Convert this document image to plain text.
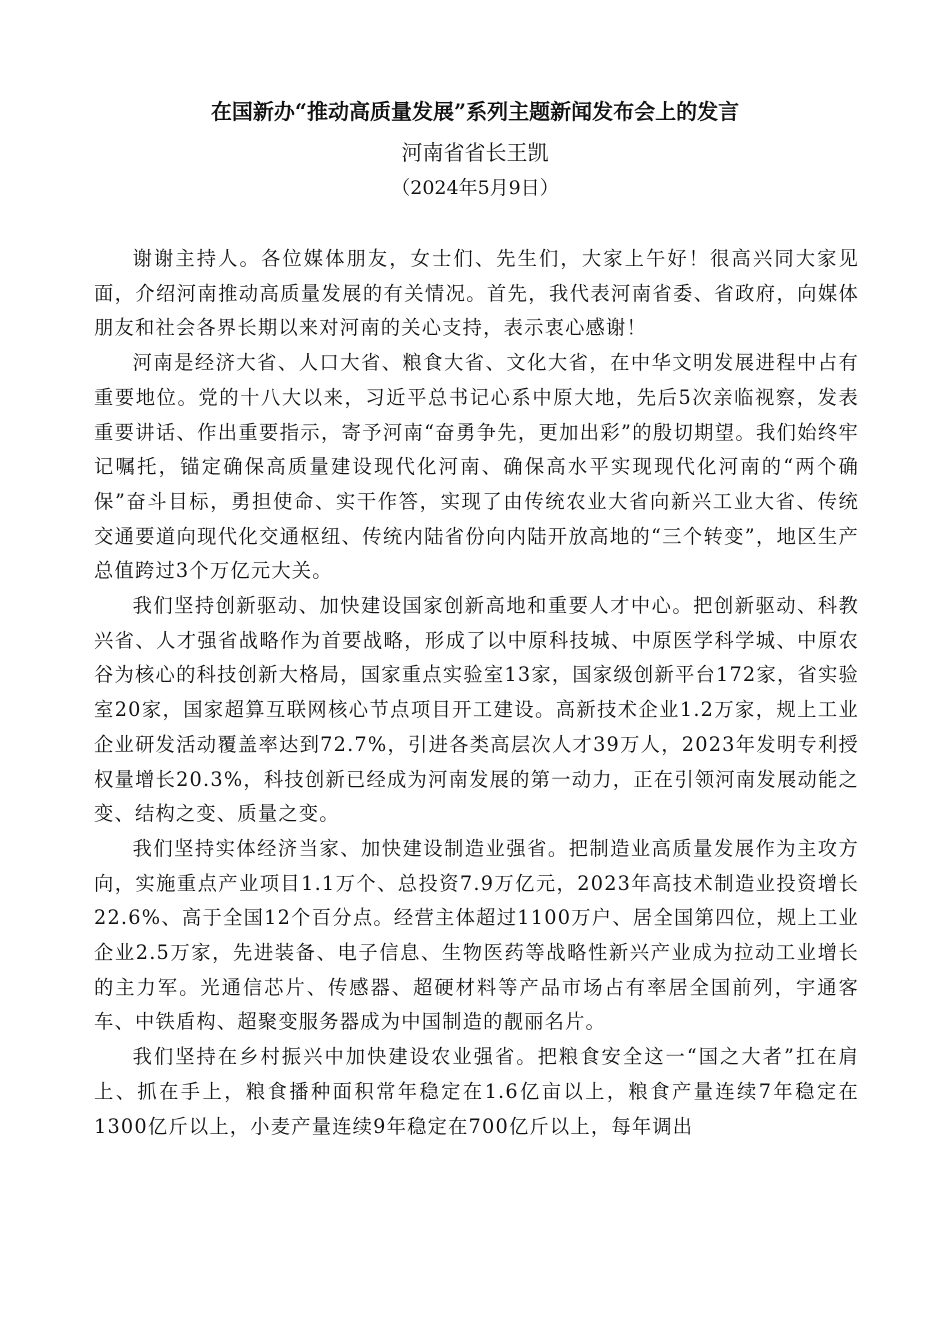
在国新办“推动高质量发展”系列主题新闻发布会上的发言
河南省省长王凯
（2024年5月9日）

谢谢主持人。各位媒体朋友，女士们、先生们，大家上午好！很高兴同大家见面，介绍河南推动高质量发展的有关情况。首先，我代表河南省委、省政府，向媒体朋友和社会各界长期以来对河南的关心支持，表示衷心感谢！

河南是经济大省、人口大省、粮食大省、文化大省，在中华文明发展进程中占有重要地位。党的十八大以来，习近平总书记心系中原大地，先后5次亲临视察，发表重要讲话、作出重要指示，寄予河南“奋勇争先，更加出彩”的殷切期望。我们始终牢记嘱托，锚定确保高质量建设现代化河南、确保高水平实现现代化河南的“两个确保”奋斗目标，勇担使命、实干作答，实现了由传统农业大省向新兴工业大省、传统交通要道向现代化交通枢纽、传统内陆省份向内陆开放高地的“三个转变”，地区生产总值跨过3个万亿元大关。

我们坚持创新驱动、加快建设国家创新高地和重要人才中心。把创新驱动、科教兴省、人才强省战略作为首要战略，形成了以中原科技城、中原医学科学城、中原农谷为核心的科技创新大格局，国家重点实验室13家，国家级创新平台172家，省实验室20家，国家超算互联网核心节点项目开工建设。高新技术企业1.2万家，规上工业企业研发活动覆盖率达到72.7%，引进各类高层次人才39万人，2023年发明专利授权量增长20.3%，科技创新已经成为河南发展的第一动力，正在引领河南发展动能之变、结构之变、质量之变。

我们坚持实体经济当家、加快建设制造业强省。把制造业高质量发展作为主攻方向，实施重点产业项目1.1万个、总投资7.9万亿元，2023年高技术制造业投资增长22.6%、高于全国12个百分点。经营主体超过1100万户、居全国第四位，规上工业企业2.5万家，先进装备、电子信息、生物医药等战略性新兴产业成为拉动工业增长的主力军。光通信芯片、传感器、超硬材料等产品市场占有率居全国前列，宇通客车、中铁盾构、超聚变服务器成为中国制造的靓丽名片。

我们坚持在乡村振兴中加快建设农业强省。把粮食安全这一“国之大者”扛在肩上、抓在手上，粮食播种面积常年稳定在1.6亿亩以上，粮食产量连续7年稳定在1300亿斤以上，小麦产量连续9年稳定在700亿斤以上，每年调出
